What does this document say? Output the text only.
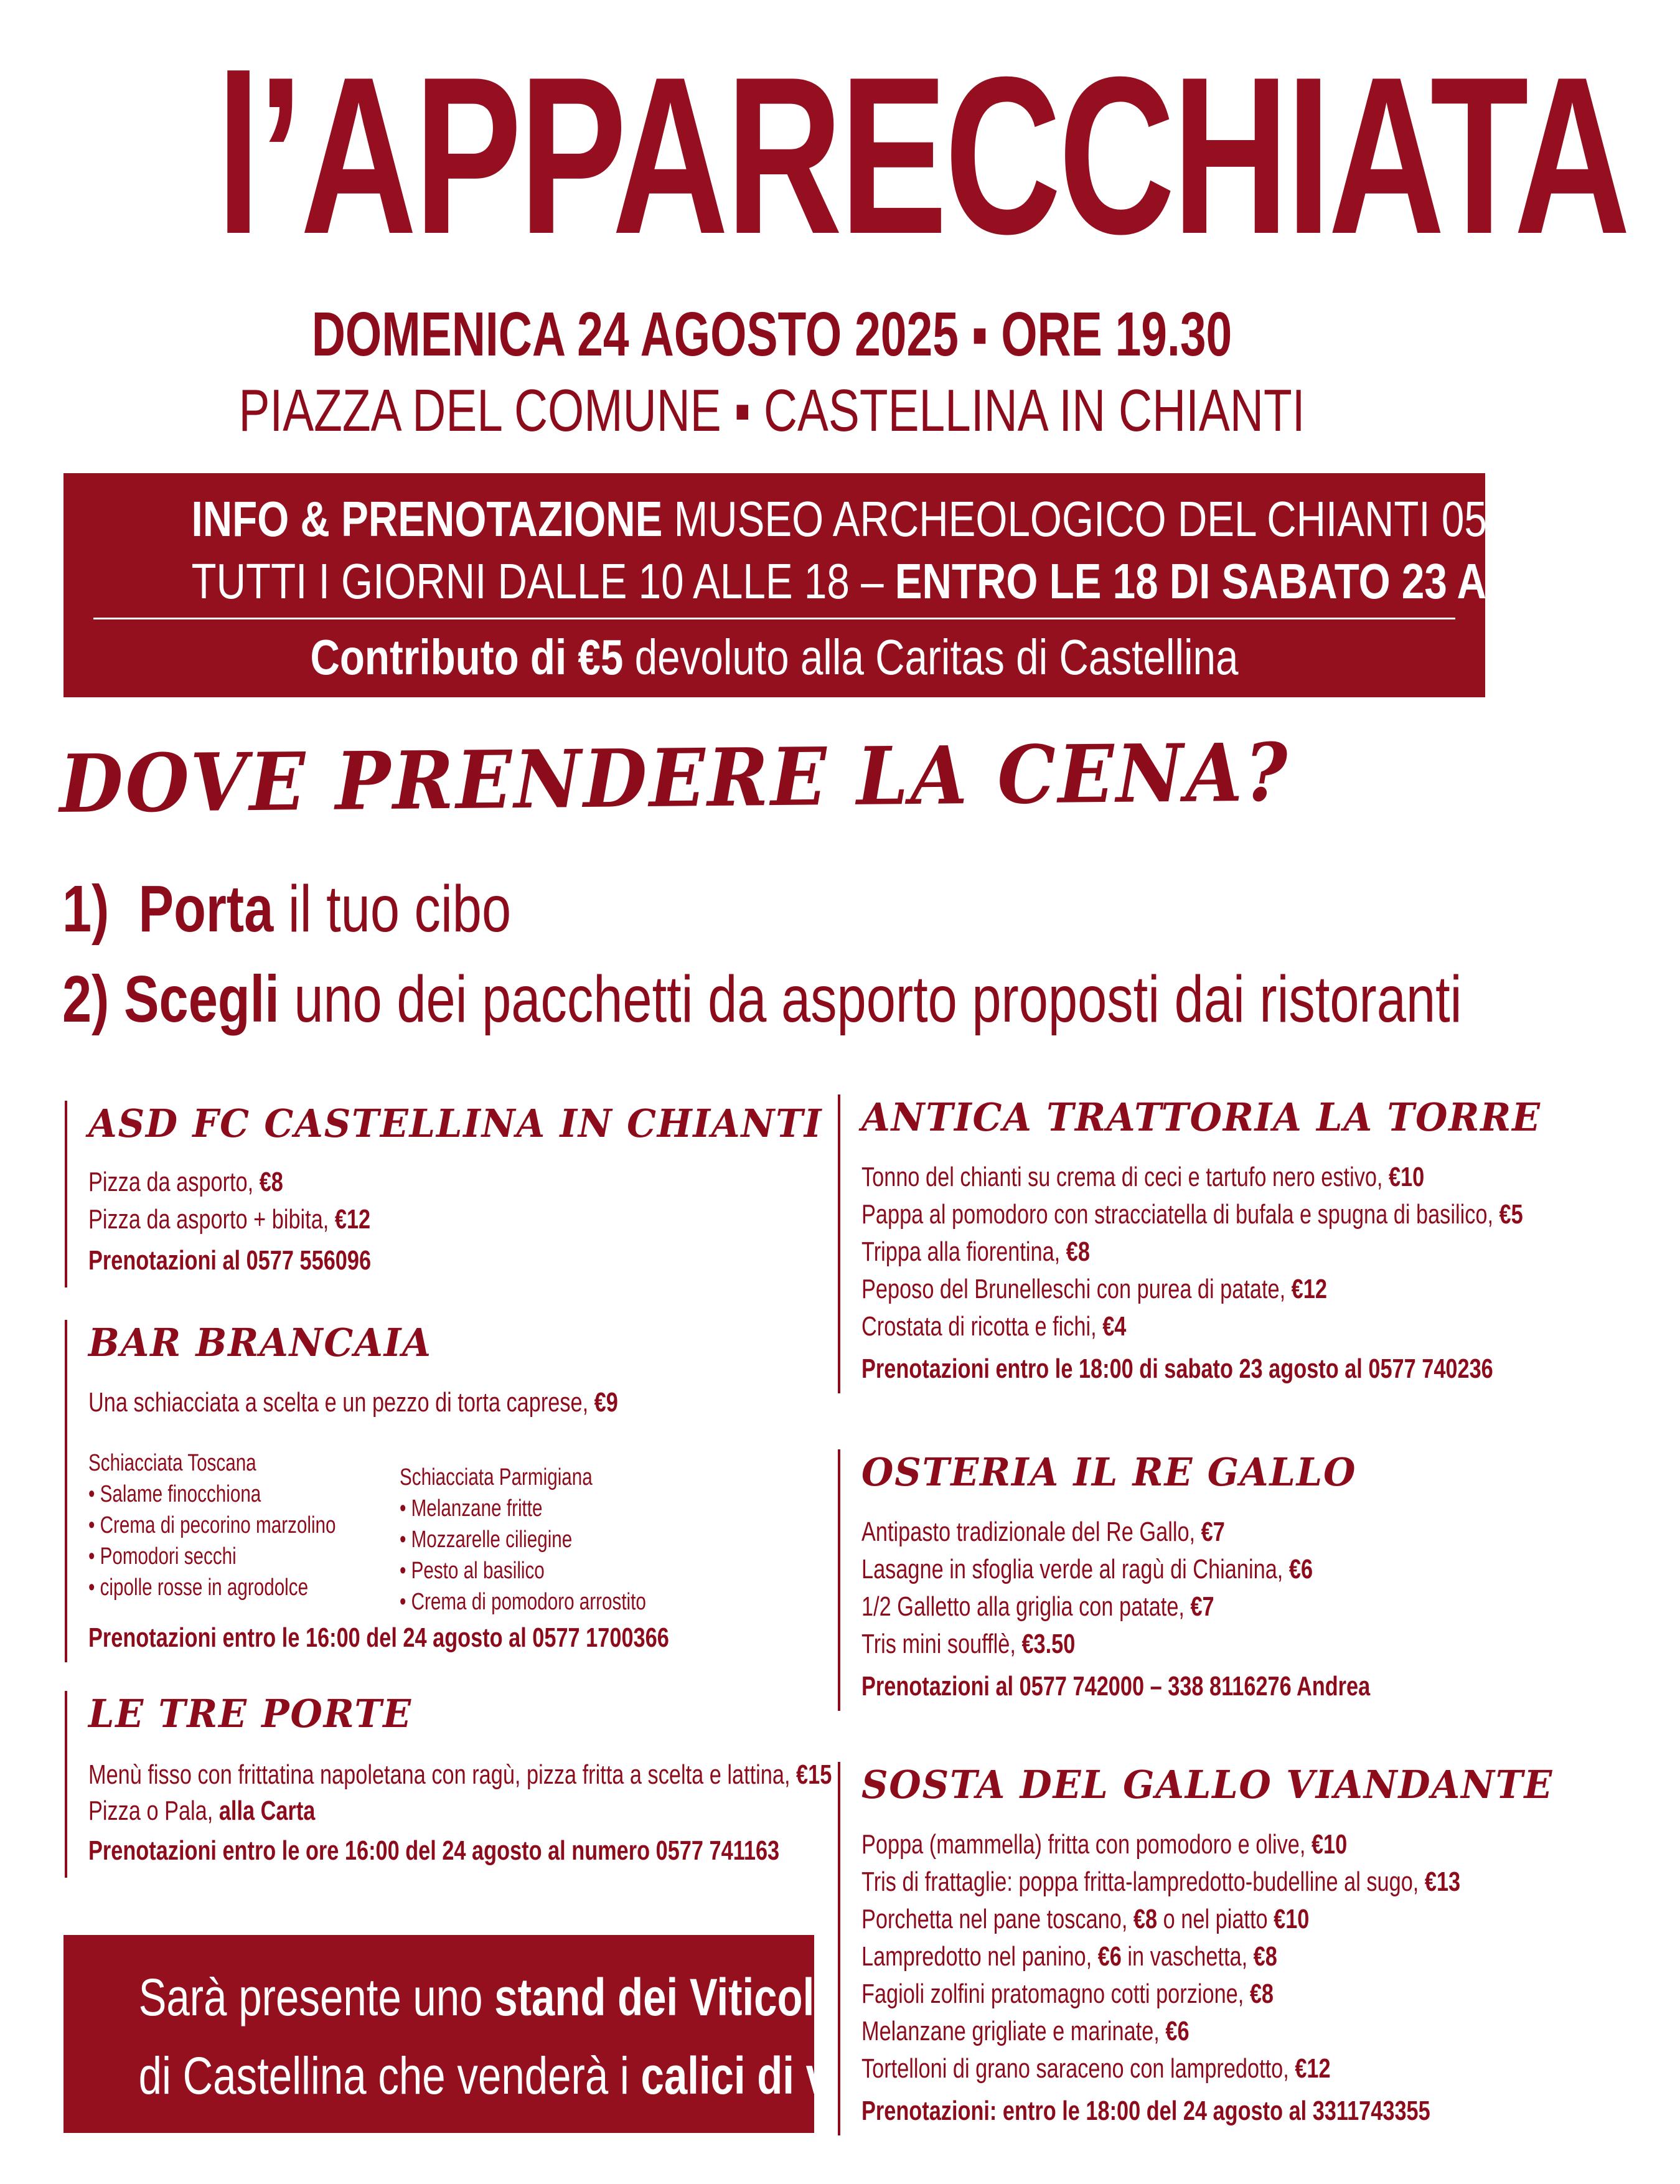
l’APPARECCHIATA
DOMENICA 24 AGOSTO 2025 ▪ ORE 19.30
PIAZZA DEL COMUNE ▪ CASTELLINA IN CHIANTI
INFO & PRENOTAZIONE MUSEO ARCHEOLOGICO DEL CHIANTI 0577 742090
TUTTI I GIORNI DALLE 10 ALLE 18 – ENTRO LE 18 DI SABATO 23 AGOSTO
Contributo di €5 devoluto alla Caritas di Castellina
DOVE PRENDERE LA CENA?
1) Porta il tuo cibo
2) Scegli uno dei pacchetti da asporto proposti dai ristoranti
ASD FC CASTELLINA IN CHIANTI
Pizza da asporto, €8
Pizza da asporto + bibita, €12
Prenotazioni al 0577 556096
BAR BRANCAIA
Una schiacciata a scelta e un pezzo di torta caprese, €9
Schiacciata Toscana
• Salame finocchiona
• Crema di pecorino marzolino
• Pomodori secchi
• cipolle rosse in agrodolce
Schiacciata Parmigiana
• Melanzane fritte
• Mozzarelle ciliegine
• Pesto al basilico
• Crema di pomodoro arrostito
Prenotazioni entro le 16:00 del 24 agosto al 0577 1700366
LE TRE PORTE
Menù fisso con frittatina napoletana con ragù, pizza fritta a scelta e lattina, €15
Pizza o Pala, alla Carta
Prenotazioni entro le ore 16:00 del 24 agosto al numero 0577 741163
Sarà presente uno stand dei Viticoltori
di Castellina che venderà i calici di vino
ANTICA TRATTORIA LA TORRE
Tonno del chianti su crema di ceci e tartufo nero estivo, €10
Pappa al pomodoro con stracciatella di bufala e spugna di basilico, €5
Trippa alla fiorentina, €8
Peposo del Brunelleschi con purea di patate, €12
Crostata di ricotta e fichi, €4
Prenotazioni entro le 18:00 di sabato 23 agosto al 0577 740236
OSTERIA IL RE GALLO
Antipasto tradizionale del Re Gallo, €7
Lasagne in sfoglia verde al ragù di Chianina, €6
1/2 Galletto alla griglia con patate, €7
Tris mini soufflè, €3.50
Prenotazioni al 0577 742000 – 338 8116276 Andrea
SOSTA DEL GALLO VIANDANTE
Poppa (mammella) fritta con pomodoro e olive, €10
Tris di frattaglie: poppa fritta-lampredotto-budelline al sugo, €13
Porchetta nel pane toscano, €8 o nel piatto €10
Lampredotto nel panino, €6 in vaschetta, €8
Fagioli zolfini pratomagno cotti porzione, €8
Melanzane grigliate e marinate, €6
Tortelloni di grano saraceno con lampredotto, €12
Prenotazioni: entro le 18:00 del 24 agosto al 3311743355
